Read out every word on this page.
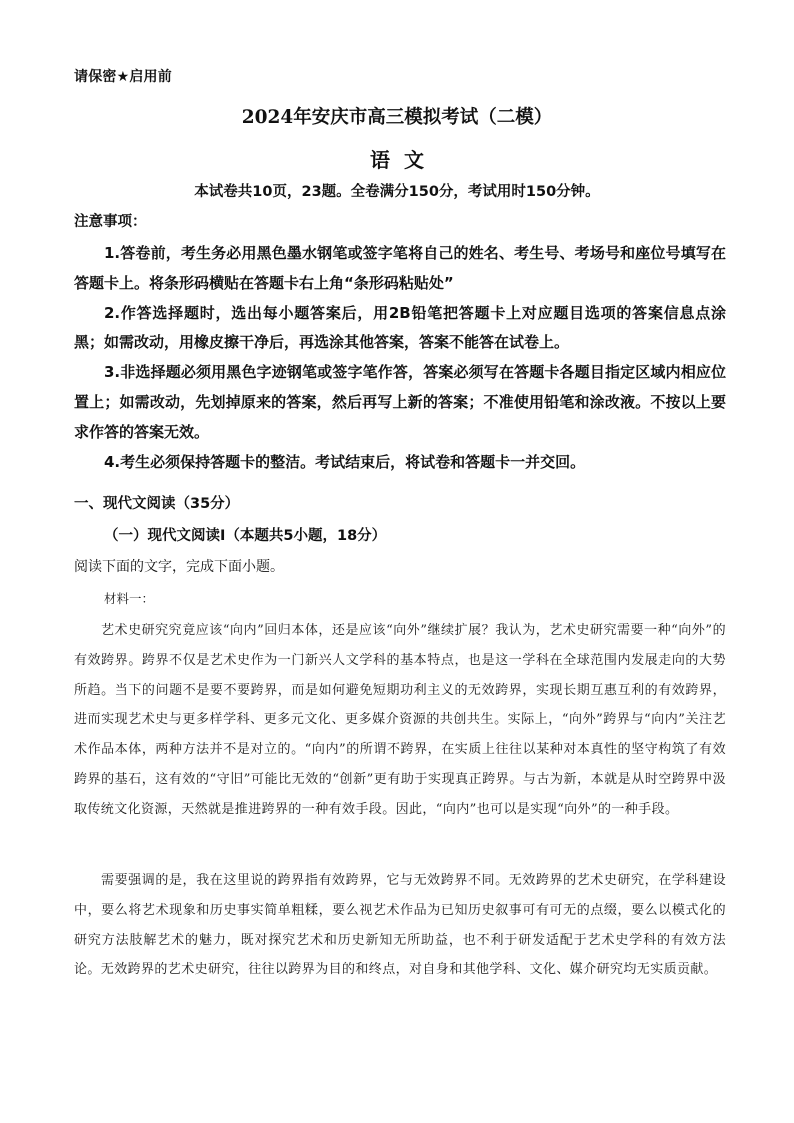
请保密★启用前
2024年安庆市高三模拟考试（二模）
语文
本试卷共10页，23题。全卷满分150分，考试用时150分钟。
注意事项：

1.答卷前，考生务必用黑色墨水钢笔或签字笔将自己的姓名、考生号、考场号和座位号填写在答题卡上。将条形码横贴在答题卡右上角“条形码粘贴处”

2.作答选择题时，选出每小题答案后，用2B铅笔把答题卡上对应题目选项的答案信息点涂黑；如需改动，用橡皮擦干净后，再选涂其他答案，答案不能答在试卷上。

3.非选择题必须用黑色字迹钢笔或签字笔作答，答案必须写在答题卡各题目指定区域内相应位置上；如需改动，先划掉原来的答案，然后再写上新的答案；不准使用铅笔和涂改液。不按以上要求作答的答案无效。

4.考生必须保持答题卡的整洁。考试结束后，将试卷和答题卡一并交回。

一、现代文阅读（35分）
（一）现代文阅读Ⅰ（本题共5小题，18分）
阅读下面的文字，完成下面小题。
材料一：

艺术史研究究竟应该“向内”回归本体，还是应该“向外”继续扩展？我认为，艺术史研究需要一种“向外”的有效跨界。跨界不仅是艺术史作为一门新兴人文学科的基本特点，也是这一学科在全球范围内发展走向的大势所趋。当下的问题不是要不要跨界，而是如何避免短期功利主义的无效跨界，实现长期互惠互利的有效跨界，进而实现艺术史与更多样学科、更多元文化、更多媒介资源的共创共生。实际上，“向外”跨界与“向内”关注艺术作品本体，两种方法并不是对立的。“向内”的所谓不跨界，在实质上往往以某种对本真性的坚守构筑了有效跨界的基石，这有效的“守旧”可能比无效的“创新”更有助于实现真正跨界。与古为新，本就是从时空跨界中汲取传统文化资源，天然就是推进跨界的一种有效手段。因此，“向内”也可以是实现“向外”的一种手段。

需要强调的是，我在这里说的跨界指有效跨界，它与无效跨界不同。无效跨界的艺术史研究，在学科建设中，要么将艺术现象和历史事实简单粗糅，要么视艺术作品为已知历史叙事可有可无的点缀，要么以模式化的研究方法肢解艺术的魅力，既对探究艺术和历史新知无所助益，也不利于研发适配于艺术史学科的有效方法论。无效跨界的艺术史研究，往往以跨界为目的和终点，对自身和其他学科、文化、媒介研究均无实质贡献。
